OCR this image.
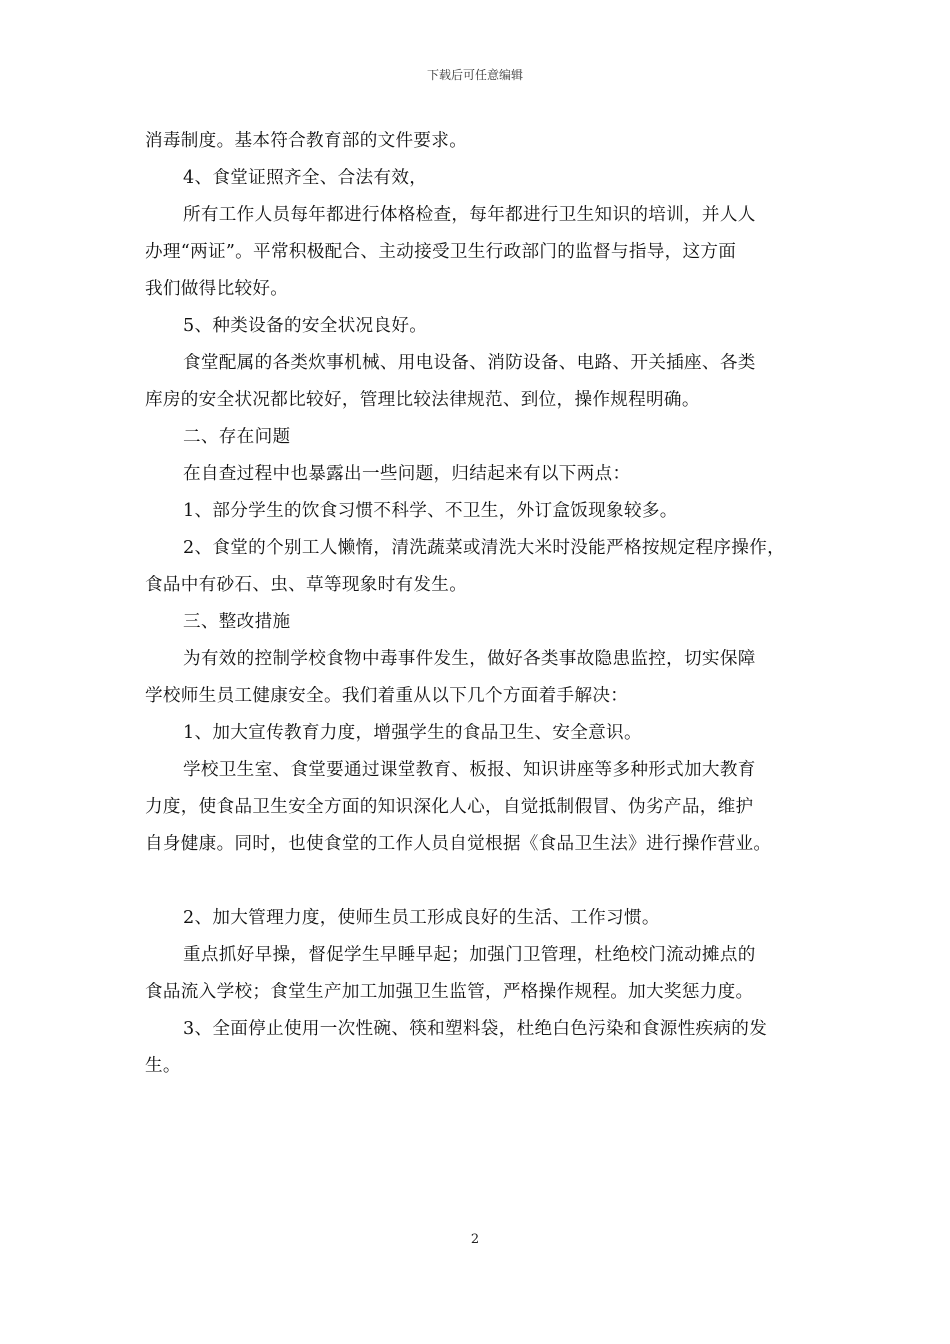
下载后可任意编辑
消毒制度。基本符合教育部的文件要求。
4、食堂证照齐全、合法有效，
所有工作人员每年都进行体格检查，每年都进行卫生知识的培训，并人人
办理“两证”。平常积极配合、主动接受卫生行政部门的监督与指导，这方面
我们做得比较好。
5、种类设备的安全状况良好。
食堂配属的各类炊事机械、用电设备、消防设备、电路、开关插座、各类
库房的安全状况都比较好，管理比较法律规范、到位，操作规程明确。
二、存在问题
在自查过程中也暴露出一些问题，归结起来有以下两点：
1、部分学生的饮食习惯不科学、不卫生，外订盒饭现象较多。
2、食堂的个别工人懒惰，清洗蔬菜或清洗大米时没能严格按规定程序操作，
食品中有砂石、虫、草等现象时有发生。
三、整改措施
为有效的控制学校食物中毒事件发生，做好各类事故隐患监控，切实保障
学校师生员工健康安全。我们着重从以下几个方面着手解决：
1、加大宣传教育力度，增强学生的食品卫生、安全意识。
学校卫生室、食堂要通过课堂教育、板报、知识讲座等多种形式加大教育
力度，使食品卫生安全方面的知识深化人心，自觉抵制假冒、伪劣产品，维护
自身健康。同时，也使食堂的工作人员自觉根据《食品卫生法》进行操作营业。
2、加大管理力度，使师生员工形成良好的生活、工作习惯。
重点抓好早操，督促学生早睡早起；加强门卫管理，杜绝校门流动摊点的
食品流入学校；食堂生产加工加强卫生监管，严格操作规程。加大奖惩力度。
3、全面停止使用一次性碗、筷和塑料袋，杜绝白色污染和食源性疾病的发
生。
2
